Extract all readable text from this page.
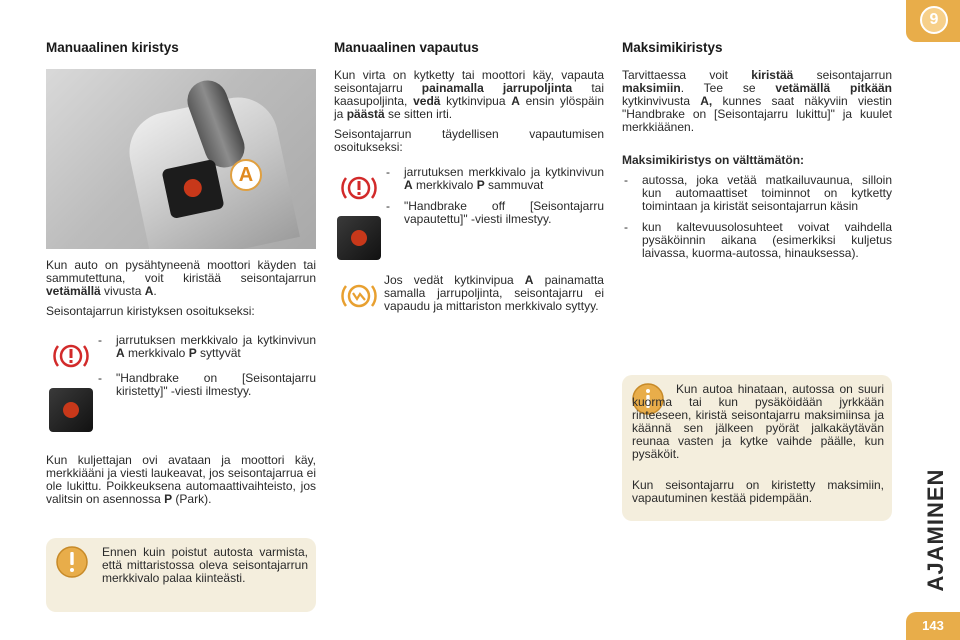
Manuaalinen kiristys
A

Kun auto on pysähtyneenä moottori käyden tai sammutettuna, voit kiristää seisontajarrun vetämällä vivusta A.

Seisontajarrun kiristyksen osoitukseksi:

- jarrutuksen merkkivalo ja kytkinvivun A merkkivalo P syttyvät
- "Handbrake on [Seisontajarru kiristetty]" -viesti ilmestyy.

Kun kuljettajan ovi avataan ja moottori käy, merkkiääni ja viesti laukeavat, jos seisontajarrua ei ole lukittu. Poikkeuksena automaattivaihteisto, jos valitsin on asennossa P (Park).

Ennen kuin poistut autosta varmista, että mittaristossa oleva seisontajarrun merkkivalo palaa kiinteästi.
Manuaalinen vapautus

Kun virta on kytketty tai moottori käy, vapauta seisontajarru painamalla jarrupoljinta tai kaasupoljinta, vedä kytkinvipua A ensin ylöspäin ja päästä se sitten irti.

Seisontajarrun täydellisen vapautumisen osoitukseksi:

- jarrutuksen merkkivalo ja kytkinvivun A merkkivalo P sammuvat
- "Handbrake off [Seisontajarru vapautettu]" -viesti ilmestyy.

Jos vedät kytkinvipua A painamatta samalla jarrupoljinta, seisontajarru ei vapaudu ja mittariston merkkivalo syttyy.

Maksimikiristys

Tarvittaessa voit kiristää seisontajarrun maksimiin. Tee se vetämällä pitkään kytkinvivusta A, kunnes saat näkyviin viestin "Handbrake on [Seisontajarru lukittu]" ja kuulet merkkiäänen.

Maksimikiristys on välttämätön:

- autossa, joka vetää matkailuvaunua, silloin kun automaattiset toiminnot on kytketty toimintaan ja kiristät seisontajarrun käsin
- kun kaltevuusolosuhteet voivat vaihdella pysäköinnin aikana (esimerkiksi kuljetus laivassa, kuorma-autossa, hinauksessa).
Kun autoa hinataan, autossa on suuri kuorma tai kun pysäköidään jyrkkään rinteeseen, kiristä seisontajarru maksimiinsa ja käännä sen jälkeen pyörät jalkakäytävän reunaa vasten ja kytke vaihde päälle, kun pysäköit.
Kun seisontajarru on kiristetty maksimiin, vapautuminen kestää pidempään.
9
AJAMINEN
143
